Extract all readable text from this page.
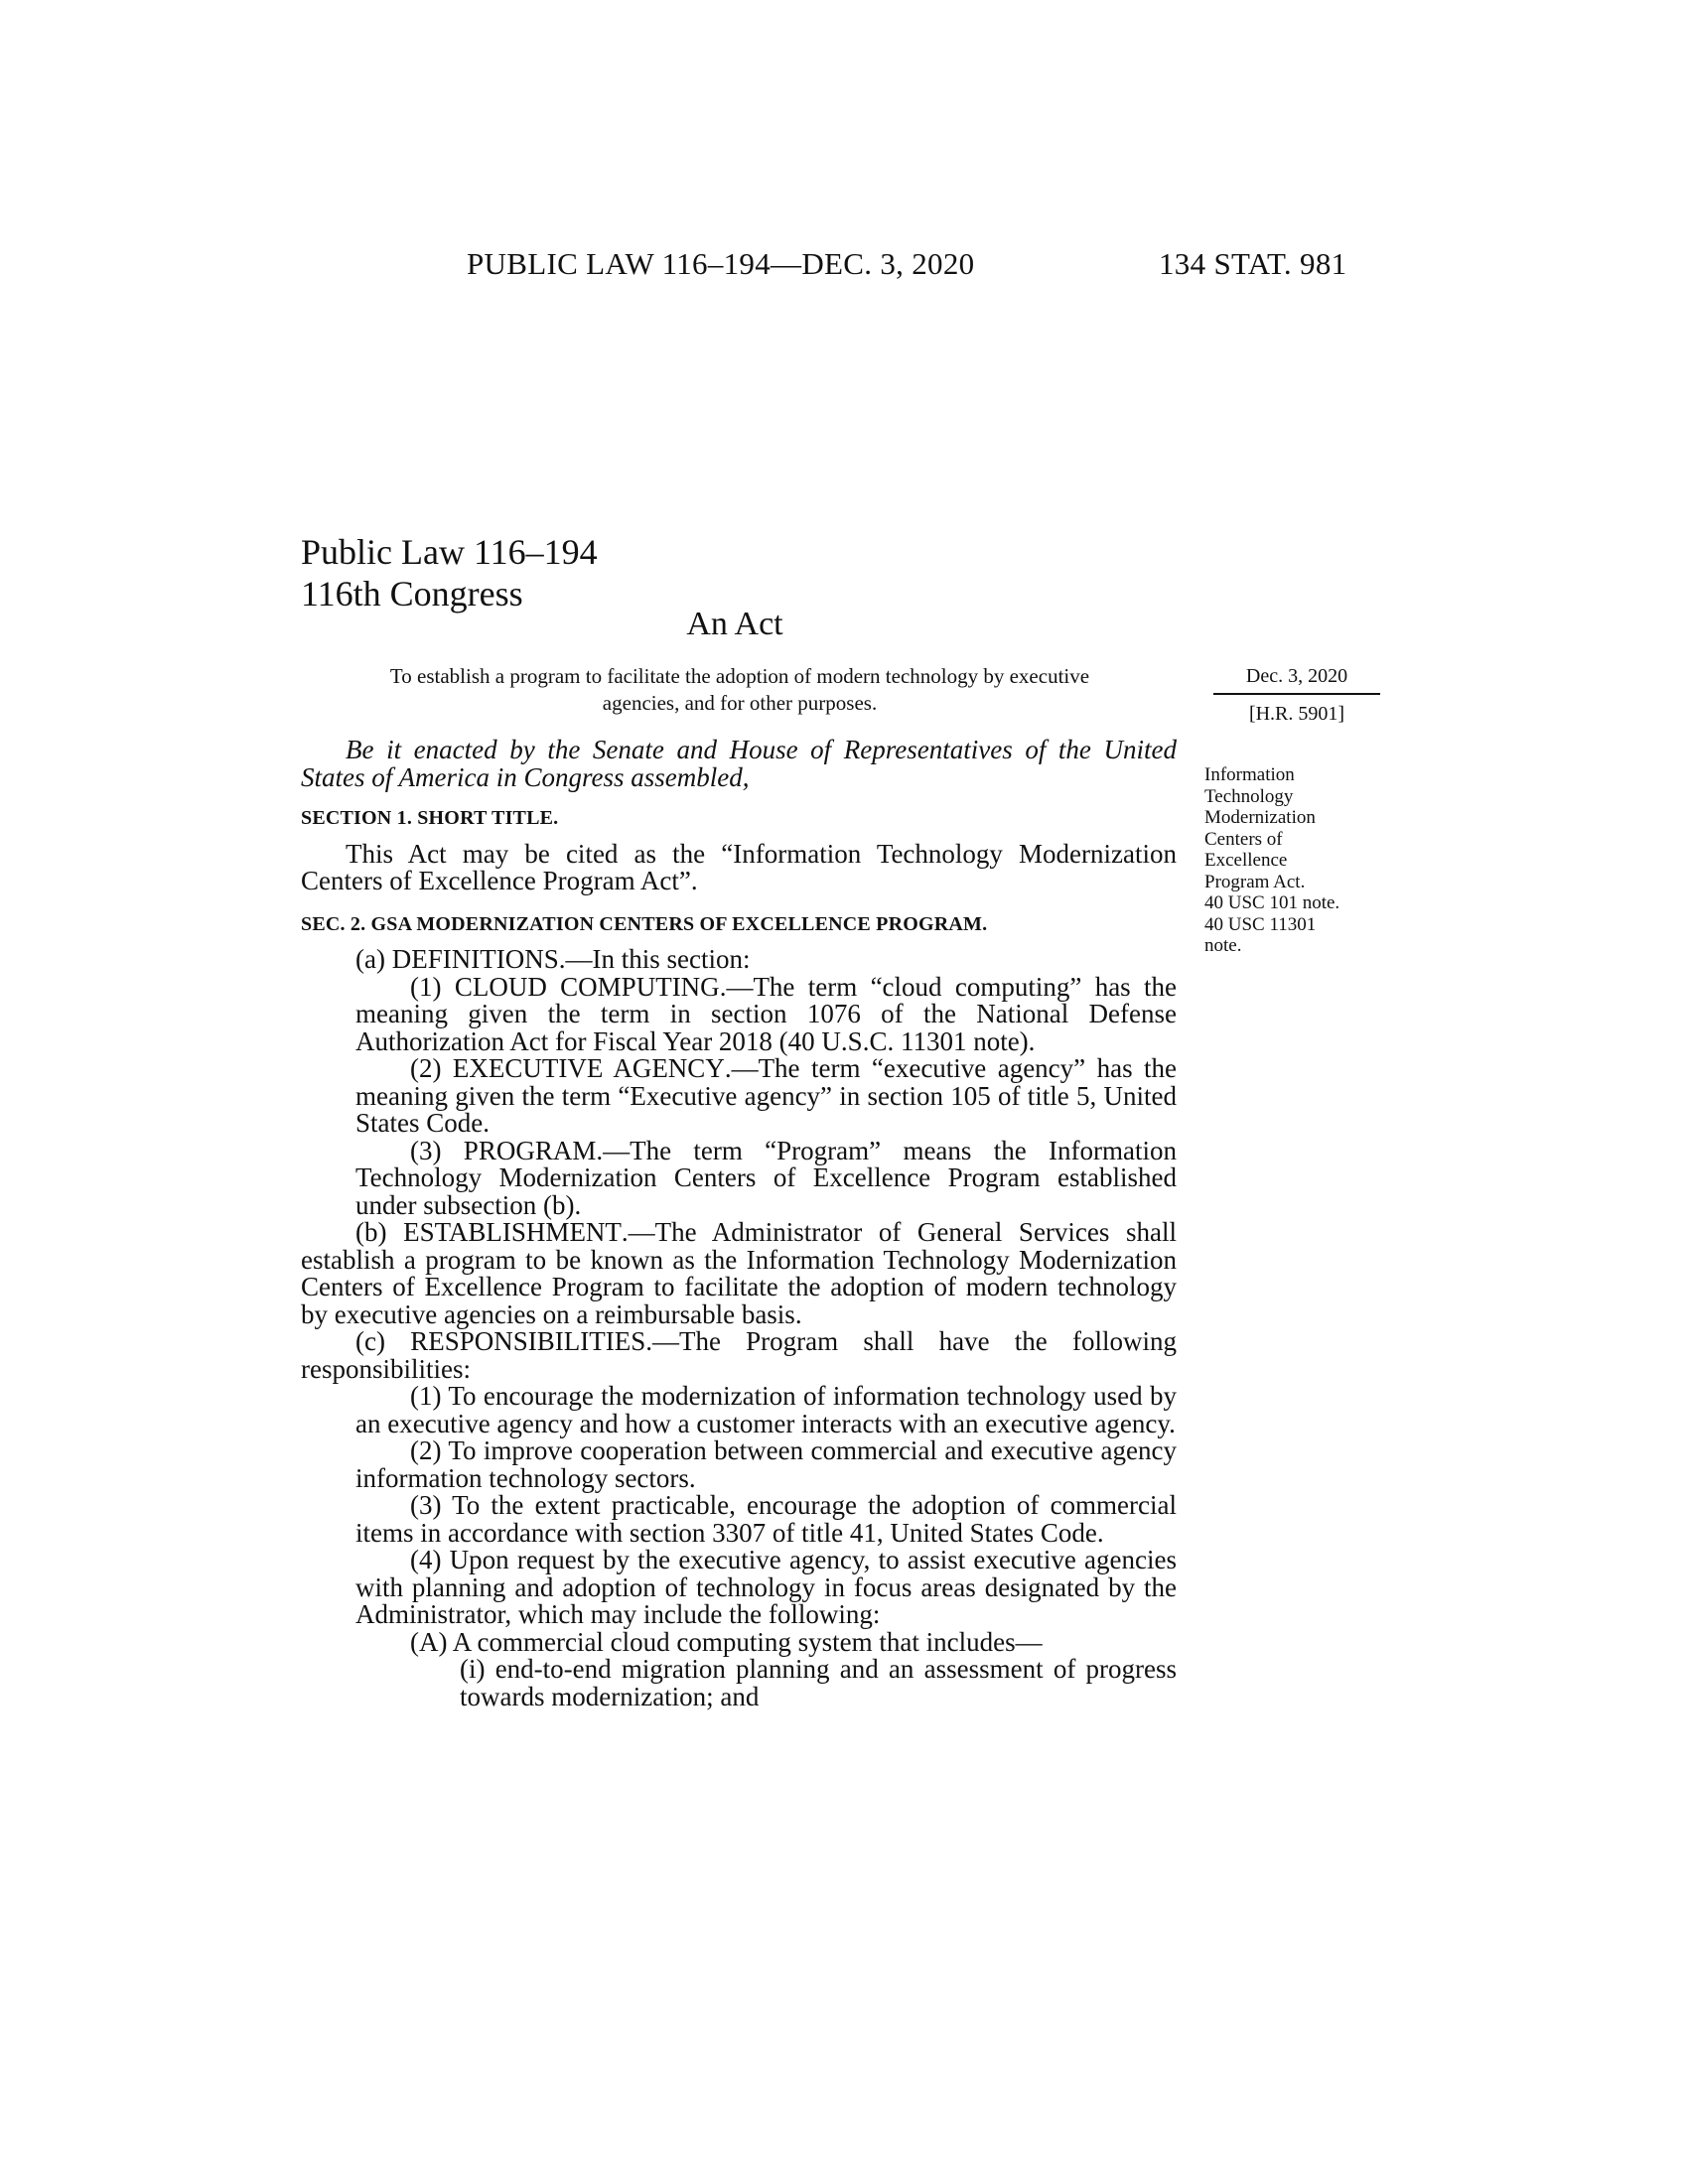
PUBLIC LAW 116–194—DEC. 3, 2020	134 STAT. 981
Public Law 116–194
116th Congress
An Act
To establish a program to facilitate the adoption of modern technology by executive
agencies, and for other purposes.
Dec. 3, 2020
[H.R. 5901]
Information
Technology
Modernization
Centers of
Excellence
Program Act.
40 USC 101 note.
40 USC 11301
note.

Be it enacted by the Senate and House of Representatives of the United States of America in Congress assembled,

SECTION 1. SHORT TITLE.

This Act may be cited as the “Information Technology Modernization Centers of Excellence Program Act”.

SEC. 2. GSA MODERNIZATION CENTERS OF EXCELLENCE PROGRAM.

(a) DEFINITIONS.—In this section:

(1) CLOUD COMPUTING.—The term “cloud computing” has the meaning given the term in section 1076 of the National Defense Authorization Act for Fiscal Year 2018 (40 U.S.C. 11301 note).

(2) EXECUTIVE AGENCY.—The term “executive agency” has the meaning given the term “Executive agency” in section 105 of title 5, United States Code.

(3) PROGRAM.—The term “Program” means the Information Technology Modernization Centers of Excellence Program established under subsection (b).

(b) ESTABLISHMENT.—The Administrator of General Services shall establish a program to be known as the Information Technology Modernization Centers of Excellence Program to facilitate the adoption of modern technology by executive agencies on a reimbursable basis.

(c) RESPONSIBILITIES.—The Program shall have the following responsibilities:

(1) To encourage the modernization of information technology used by an executive agency and how a customer interacts with an executive agency.

(2) To improve cooperation between commercial and executive agency information technology sectors.

(3) To the extent practicable, encourage the adoption of commercial items in accordance with section 3307 of title 41, United States Code.

(4) Upon request by the executive agency, to assist executive agencies with planning and adoption of technology in focus areas designated by the Administrator, which may include the following:

(A) A commercial cloud computing system that includes—

(i) end-to-end migration planning and an assessment of progress towards modernization; and
